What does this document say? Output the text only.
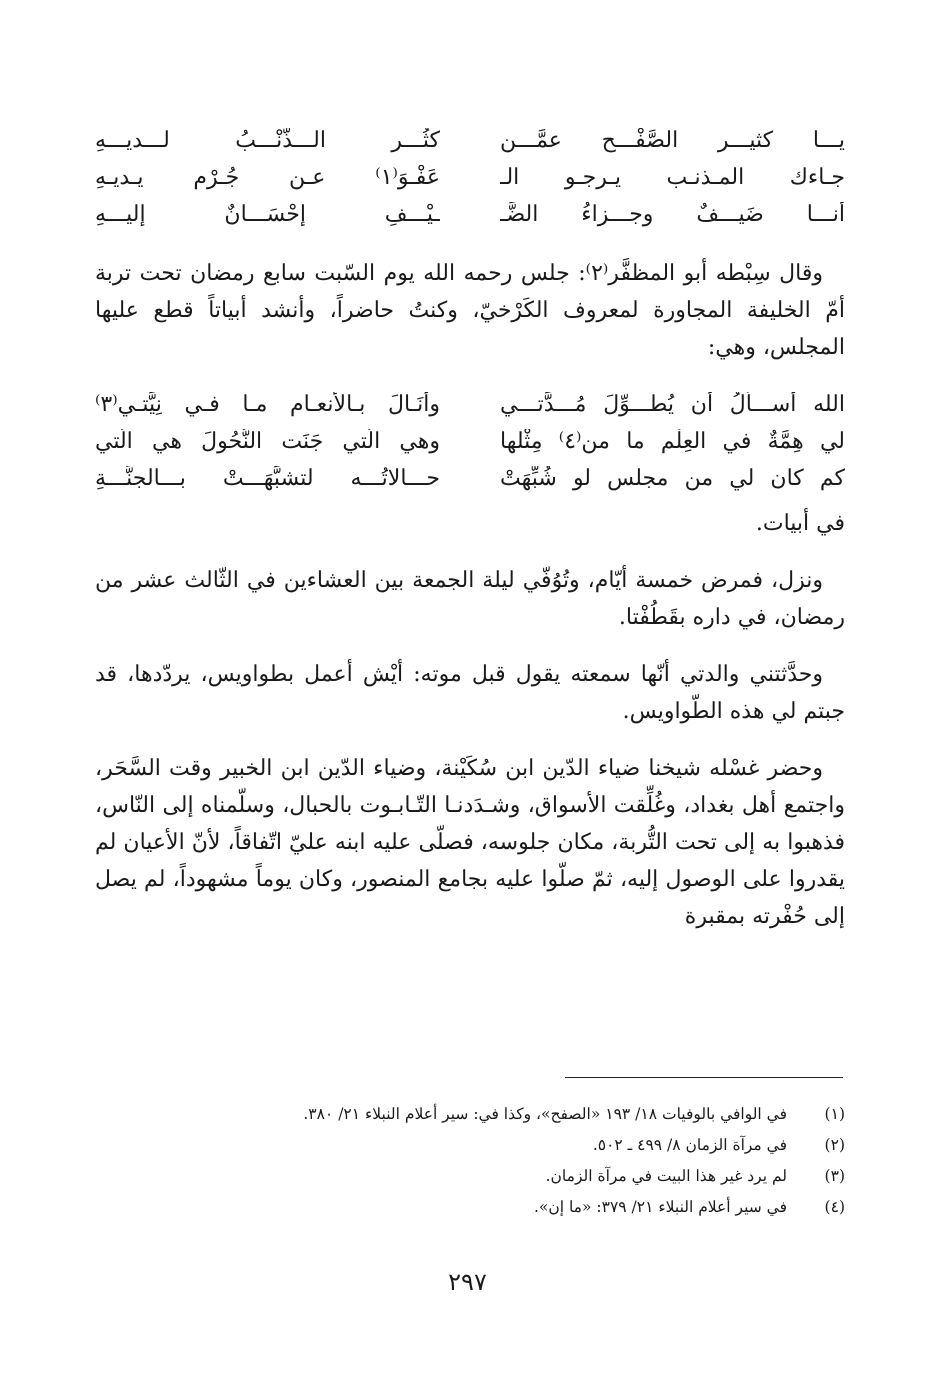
يـــا كثيـــر الصَّفْـــح عمَّـــن
كثُـــر الـــذَّنْـــبُ لـــديـــهِ
جـاءك المـذنـب يـرجـو الـ
عَفْـوَ⁽١⁾ عـن جُـرْم يـديـهِ
أنـــا ضَيـــفٌ وجـــزاءُ الضَّـ
ـيْـــفِ إحْسَـــانٌ إليـــهِ

وقال سِبْطه أبو المظفَّر⁽٢⁾: جلس رحمه الله يوم السّبت سابع رمضان تحت تربة أمّ الخليفة المجاورة لمعروف الكَرْخيّ، وكنتُ حاضراً، وأنشد أبياتاً قطع عليها المجلس، وهي:

الله أســـأَلُ أن يُطـــوِّلَ مُـــدَّتـــي
وأنَـالَ بـالأنعـام مـا فـي نِيَّتـي⁽٣⁾
لي هِمَّةٌ في العِلْم ما من⁽٤⁾ مِثْلها
وهي الّتي جَنَت النُّحُولَ هي الّتي
كم كان لي من مجلسٍ لو شُبِّهَتْ
حـــالاتُـــه لتشبَّهَـــتْ بـــالجنَّـــةِ

في أبيات.

ونزل، فمرض خمسة أيّام، وتُوُفّي ليلة الجمعة بين العشاءين في الثّالث عشر من رمضان، في داره بقَطُفْتا.

وحدَّثتني والدتي أنّها سمعته يقول قبل موته: أيْش أعمل بطواويس، يردّدها، قد جبتم لي هذه الطّواويس.

وحضر غسْله شيخنا ضياء الدّين ابن سُكَيْنة، وضياء الدّين ابن الخبير وقت السَّحَر، واجتمع أهل بغداد، وغُلِّقت الأسواق، وشـدَدنـا التّـابـوت بالحبال، وسلّمناه إلى النّاس، فذهبوا به إلى تحت التُّربة، مكان جلوسه، فصلّى عليه ابنه عليّ اتّفاقاً، لأنّ الأعيان لم يقدروا على الوصول إليه، ثمّ صلّوا عليه بجامع المنصور، وكان يوماً مشهوداً، لم يصل إلى حُفْرته بمقبرة

(١)
في الوافي بالوفيات ١٨/ ١٩٣ «الصفح»، وكذا في: سير أعلام النبلاء ٢١/ ٣٨٠.
(٢)
في مرآة الزمان ٨/ ٤٩٩ ـ ٥٠٢.
(٣)
لم يرد غير هذا البيت في مرآة الزمان.
(٤)
في سير أعلام النبلاء ٢١/ ٣٧٩: «ما إن».
٢٩٧
